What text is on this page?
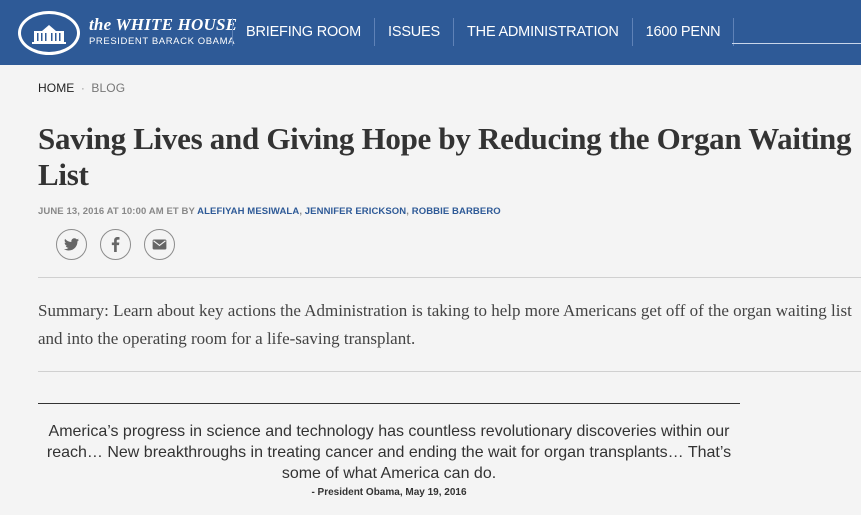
the WHITE HOUSE
PRESIDENT BARACK OBAMA
BRIEFING ROOM	ISSUES	THE ADMINISTRATION	1600 PENN
HOME · BLOG
Saving Lives and Giving Hope by Reducing the Organ Waiting List
JUNE 13, 2016 AT 10:00 AM ET BY ALEFIYAH MESIWALA, JENNIFER ERICKSON, ROBBIE BARBERO

Summary: Learn about key actions the Administration is taking to help more Americans get off of the organ waiting list and into the operating room for a life-saving transplant.

America’s progress in science and technology has countless revolutionary discoveries within our reach… New breakthroughs in treating cancer and ending the wait for organ transplants… That’s some of what America can do.
- President Obama, May 19, 2016
